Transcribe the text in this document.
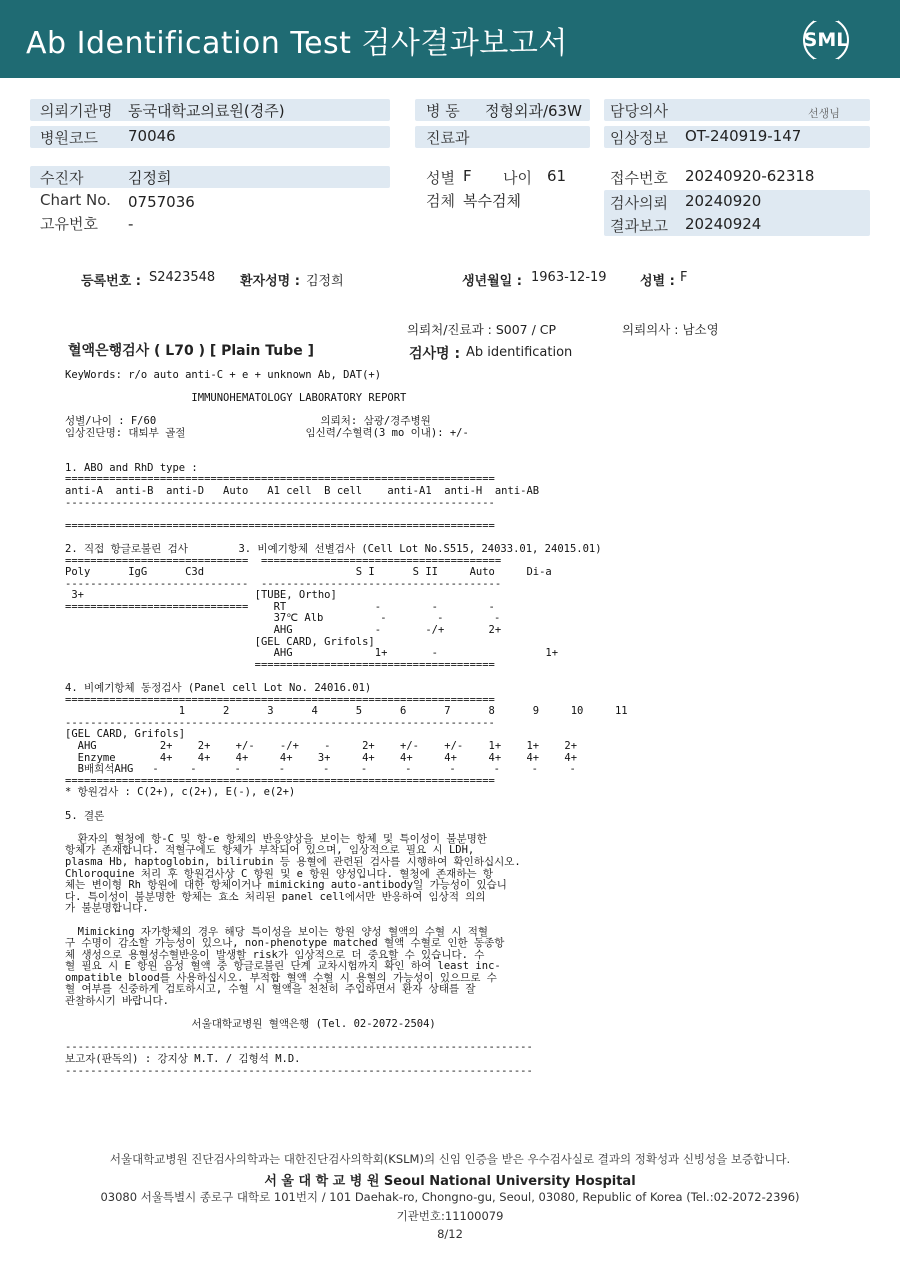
Ab Identification Test 검사결과보고서	SML
의뢰기관명 동국대학교의료원(경주)	병 동 정형외과/63W 담당의사	선생님
병원코드 70046	진료과	임상정보 OT-240919-147
수진자	김정희	성별 F 나이 61	접수번호 20240920-62318
Chart No. 0757036	검체 복수검체	검사의뢰 20240920
고유번호 -	결과보고 20240924
등록번호 : S2423548 환자성명 : 김정희	생년월일 : 1963-12-19	성별 : F
의뢰처/진료과 : S007 / CP	의뢰의사 : 남소영
혈액은행검사 ( L70 ) [ Plain Tube ]	검사명 : Ab identification
KeyWords: r/o auto anti-C + e + unknown Ab, DAT(+)

IMMUNOHEMATOLOGY LABORATORY REPORT

성별/나이 : F/60                          의뢰처: 삼광/경주병원
임상진단명: 대퇴부 골절                   임신력/수혈력(3 mo 이내): +/-

1. ABO and RhD type :
====================================================================
anti-A  anti-B  anti-D   Auto   A1 cell  B cell    anti-A1  anti-H  anti-AB
--------------------------------------------------------------------

====================================================================

2. 직접 항글로불린 검사        3. 비예기항체 선별검사 (Cell Lot No.S515, 24033.01, 24015.01)
=============================  ======================================
Poly      IgG      C3d                        S I      S II     Auto     Di-a
-----------------------------  --------------------------------------
3+                           [TUBE, Ortho]
=============================    RT              -        -        -
37℃ Alb         -        -        -
AHG             -       -/+       2+
[GEL CARD, Grifols]
AHG             1+       -                 1+
======================================

4. 비예기항체 동정검사 (Panel cell Lot No. 24016.01)
====================================================================
1      2      3      4      5      6      7      8      9     10     11
--------------------------------------------------------------------
[GEL CARD, Grifols]
AHG          2+    2+    +/-    -/+    -     2+    +/-    +/-    1+    1+    2+
Enzyme       4+    4+    4+     4+    3+     4+    4+     4+     4+    4+    4+
B배희석AHG   -     -      -      -      -     -      -      -      -     -     -
====================================================================
* 항원검사 : C(2+), c(2+), E(-), e(2+)

5. 결론

환자의 혈청에 항-C 및 항-e 항체의 반응양상을 보이는 항체 및 특이성이 불분명한
항체가 존재합니다. 적혈구에도 항체가 부착되어 있으며, 임상적으로 필요 시 LDH,
plasma Hb, haptoglobin, bilirubin 등 용혈에 관련된 검사를 시행하여 확인하십시오.
Chloroquine 처리 후 항원검사상 C 항원 및 e 항원 양성입니다. 혈청에 존재하는 항
체는 변이형 Rh 항원에 대한 항체이거나 mimicking auto-antibody일 가능성이 있습니
다. 특이성이 불분명한 항체는 효소 처리된 panel cell에서만 반응하여 임상적 의의
가 불분명합니다.

Mimicking 자가항체의 경우 해당 특이성을 보이는 항원 양성 혈액의 수혈 시 적혈
구 수명이 감소할 가능성이 있으나, non-phenotype matched 혈액 수혈로 인한 동종항
체 생성으로 용혈성수혈반응이 발생할 risk가 임상적으로 더 중요할 수 있습니다. 수
혈 필요 시 E 항원 음성 혈액 중 항글로불린 단계 교차시험까지 확인 하여 least inc-
ompatible blood를 사용하십시오. 부적합 혈액 수혈 시 용혈의 가능성이 있으므로 수
혈 여부를 신중하게 검토하시고, 수혈 시 혈액을 천천히 주입하면서 환자 상태를 잘
관찰하시기 바랍니다.

서울대학교병원 혈액은행 (Tel. 02-2072-2504)

--------------------------------------------------------------------------
보고자(판독의) : 강지상 M.T. / 김형석 M.D.
--------------------------------------------------------------------------
서울대학교병원 진단검사의학과는 대한진단검사의학회(KSLM)의 신임 인증을 받은 우수검사실로 결과의 정확성과 신빙성을 보증합니다.
서 울 대 학 교 병 원 Seoul National University Hospital
03080 서울특별시 종로구 대학로 101번지 / 101 Daehak-ro, Chongno-gu, Seoul, 03080, Republic of Korea (Tel.:02-2072-2396)
기관번호:11100079
8/12
